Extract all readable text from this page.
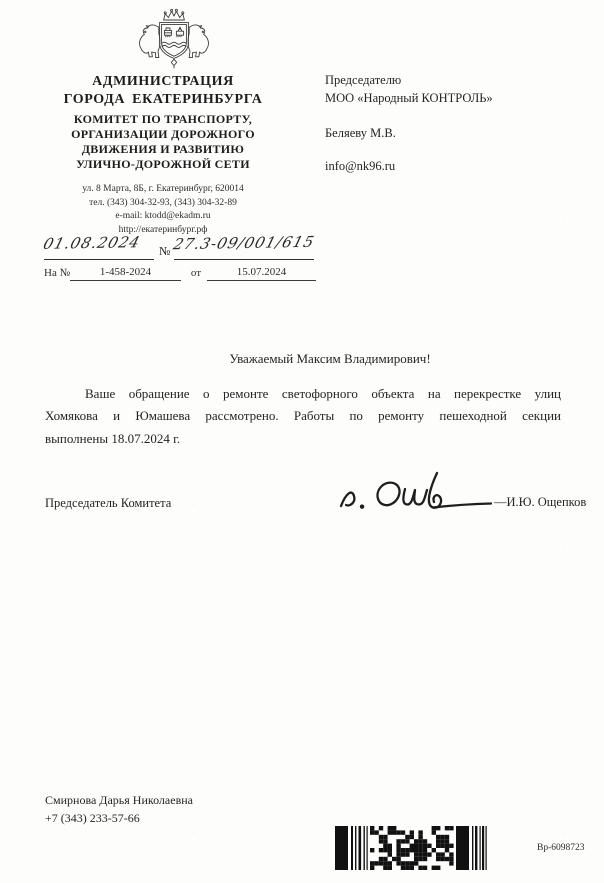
АДМИНИСТРАЦИЯ
ГОРОДА ЕКАТЕРИНБУРГА
КОМИТЕТ ПО ТРАНСПОРТУ,
ОРГАНИЗАЦИИ ДОРОЖНОГО
ДВИЖЕНИЯ И РАЗВИТИЮ
УЛИЧНО-ДОРОЖНОЙ СЕТИ
ул. 8 Марта, 8Б, г. Екатеринбург, 620014
тел. (343) 304-32-93, (343) 304-32-89
e-mail: ktodd@ekadm.ru
http://екатеринбург.рф
01.08.2024	№ 27.3-09/001/615
На №	1-458-2024	от	15.07.2024
Председателю
МОО «Народный КОНТРОЛЬ»
Беляеву М.В.
info@nk96.ru
Уважаемый Максим Владимирович!
Ваше обращение о ремонте светофорного объекта на перекрестке улиц
Хомякова и Юмашева рассмотрено. Работы по ремонту пешеходной секции
выполнены 18.07.2024 г.
Председатель Комитета	—И.Ю. Ощепков
Смирнова Дарья Николаевна
+7 (343) 233-57-66
Вр-6098723
